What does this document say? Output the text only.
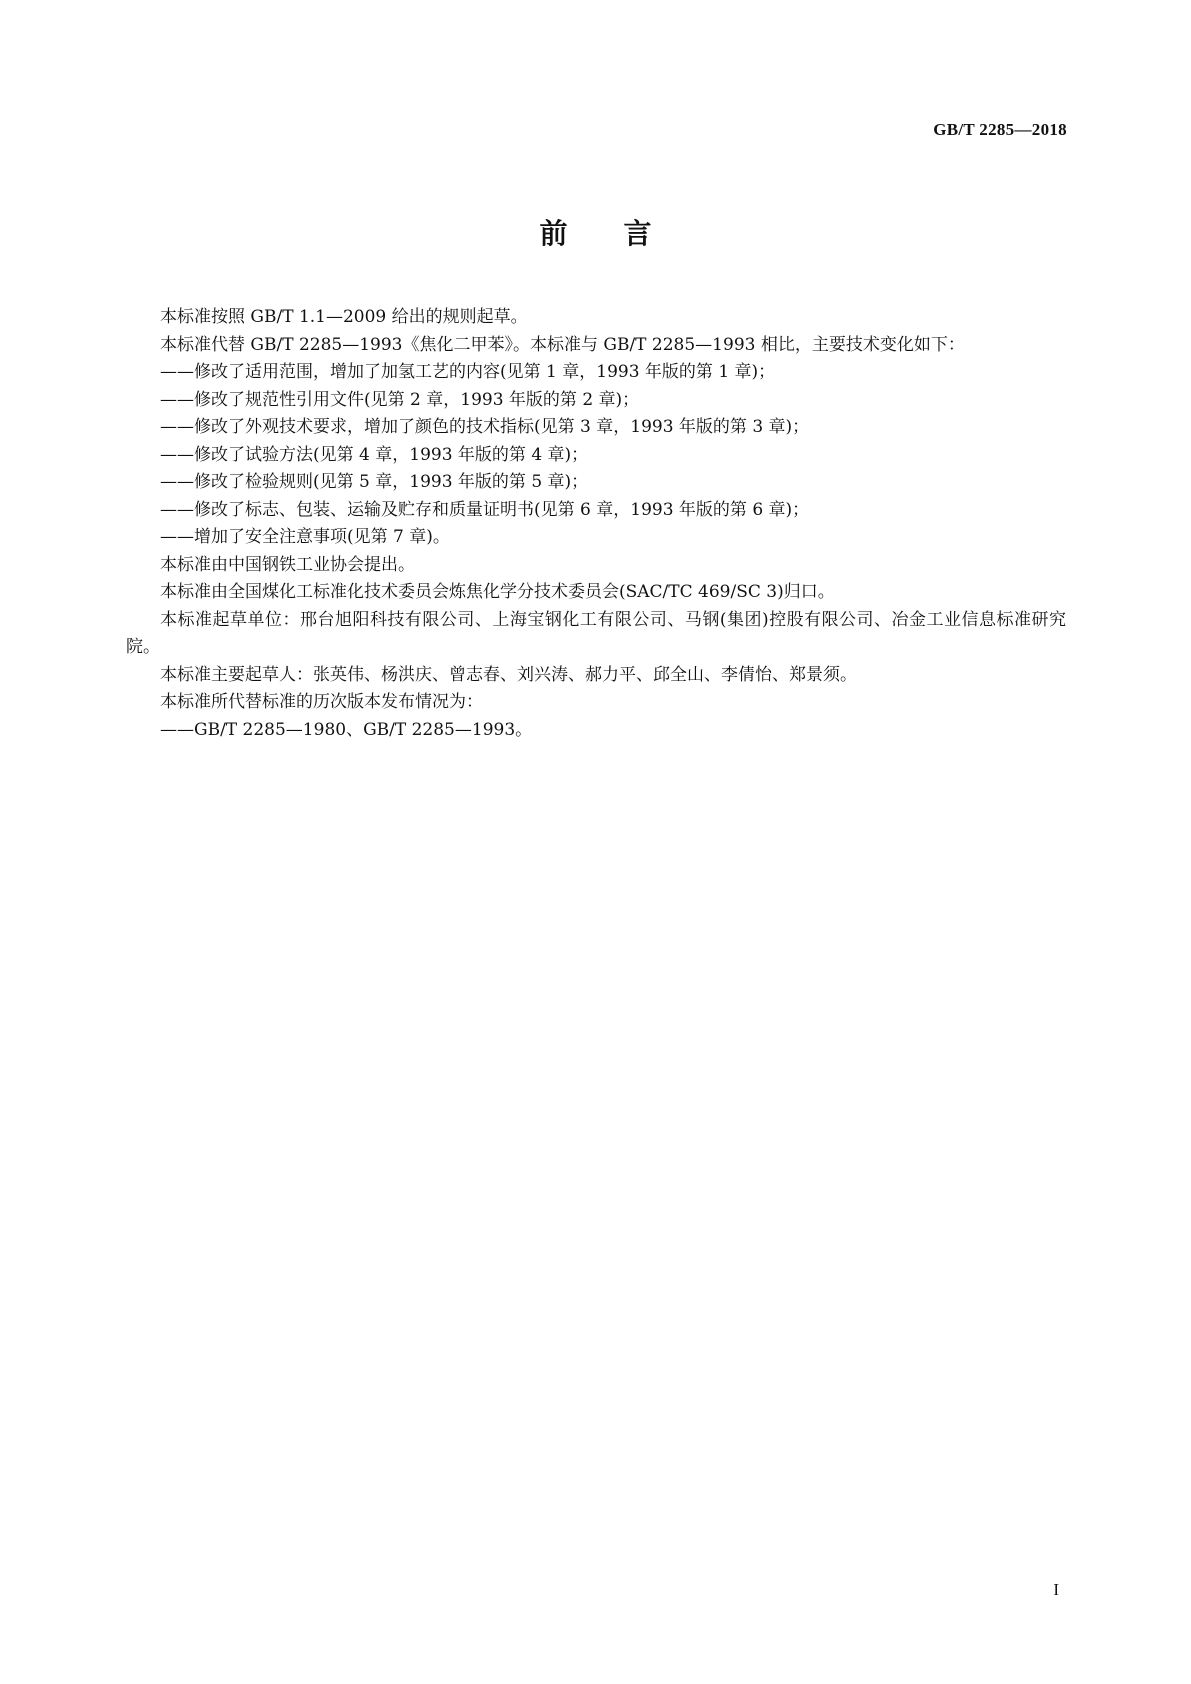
GB/T 2285—2018
前言

本标准按照 GB/T 1.1—2009 给出的规则起草。

本标准代替 GB/T 2285—1993《焦化二甲苯》。本标准与 GB/T 2285—1993 相比，主要技术变化如下：

——修改了适用范围，增加了加氢工艺的内容(见第 1 章，1993 年版的第 1 章)；

——修改了规范性引用文件(见第 2 章，1993 年版的第 2 章)；

——修改了外观技术要求，增加了颜色的技术指标(见第 3 章，1993 年版的第 3 章)；

——修改了试验方法(见第 4 章，1993 年版的第 4 章)；

——修改了检验规则(见第 5 章，1993 年版的第 5 章)；

——修改了标志、包装、运输及贮存和质量证明书(见第 6 章，1993 年版的第 6 章)；

——增加了安全注意事项(见第 7 章)。

本标准由中国钢铁工业协会提出。

本标准由全国煤化工标准化技术委员会炼焦化学分技术委员会(SAC/TC 469/SC 3)归口。

本标准起草单位：邢台旭阳科技有限公司、上海宝钢化工有限公司、马钢(集团)控股有限公司、冶金工业信息标准研究院。

本标准主要起草人：张英伟、杨洪庆、曾志春、刘兴涛、郝力平、邱全山、李倩怡、郑景须。

本标准所代替标准的历次版本发布情况为：

——GB/T 2285—1980、GB/T 2285—1993。

I
